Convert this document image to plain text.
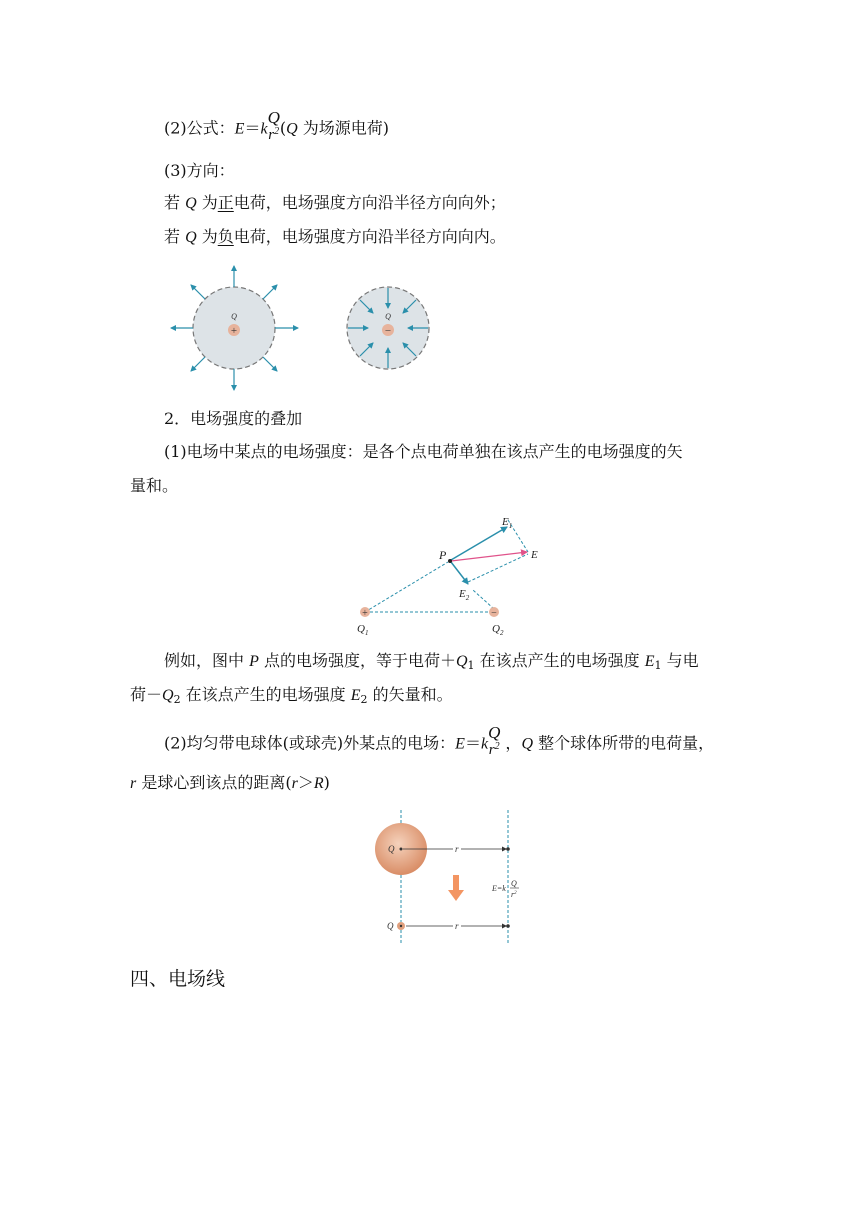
(2)公式：E＝k
Q
$r^2$ (Q 为场源电荷)
(3)方向：
若 Q 为正电荷，电场强度方向沿半径方向向外；
若 Q 为负电荷，电场强度方向沿半径方向向内。
+
Q
−
Q
2．电场强度的叠加
(1)电场中某点的电场强度：是各个点电荷单独在该点产生的电场强度的矢
量和。
+	−
P
$E_1$
E
$E_2$
$Q_1$	$Q_2$
例如，图中 P 点的电场强度，等于电荷$+Q_1$ 在该点产生的电场强度 $E_1$ 与电
荷$-Q_2$ 在该点产生的电场强度 $E_2$ 的矢量和。
(2)均匀带电球体(或球壳)外某点的电场：E＝k
Q
$r^2$ ，Q 整个球体所带的电荷量，
r 是球心到该点的距离(r＞R)
Q	r
E=k
Q
$r^2$
Q	r
四、电场线
